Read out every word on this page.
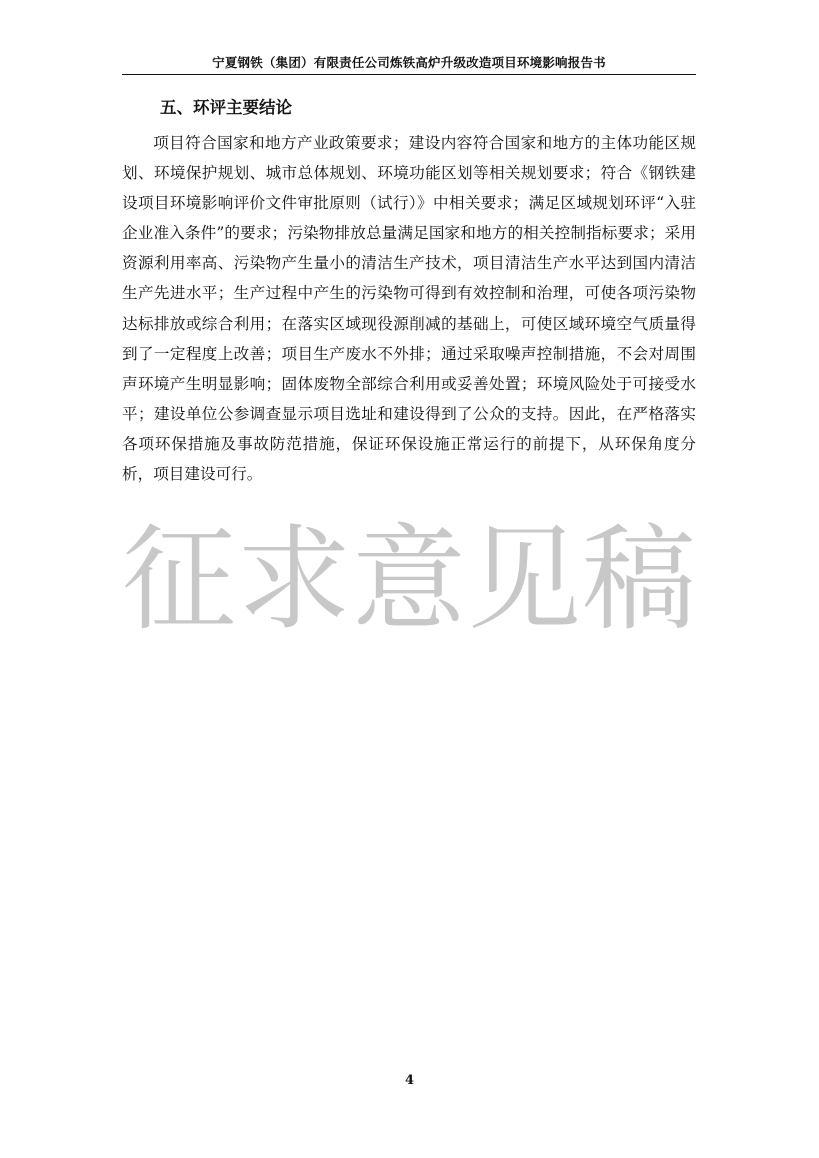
宁夏钢铁（集团）有限责任公司炼铁高炉升级改造项目环境影响报告书
五、环评主要结论

项目符合国家和地方产业政策要求；建设内容符合国家和地方的主体功能区规划、环境保护规划、城市总体规划、环境功能区划等相关规划要求；符合《钢铁建设项目环境影响评价文件审批原则（试行）》中相关要求；满足区域规划环评“入驻企业准入条件”的要求；污染物排放总量满足国家和地方的相关控制指标要求；采用资源利用率高、污染物产生量小的清洁生产技术，项目清洁生产水平达到国内清洁生产先进水平；生产过程中产生的污染物可得到有效控制和治理，可使各项污染物达标排放或综合利用；在落实区域现役源削减的基础上，可使区域环境空气质量得到了一定程度上改善；项目生产废水不外排；通过采取噪声控制措施，不会对周围声环境产生明显影响；固体废物全部综合利用或妥善处置；环境风险处于可接受水平；建设单位公参调查显示项目选址和建设得到了公众的支持。因此，在严格落实各项环保措施及事故防范措施，保证环保设施正常运行的前提下，从环保角度分析，项目建设可行。

征求意见稿
4
